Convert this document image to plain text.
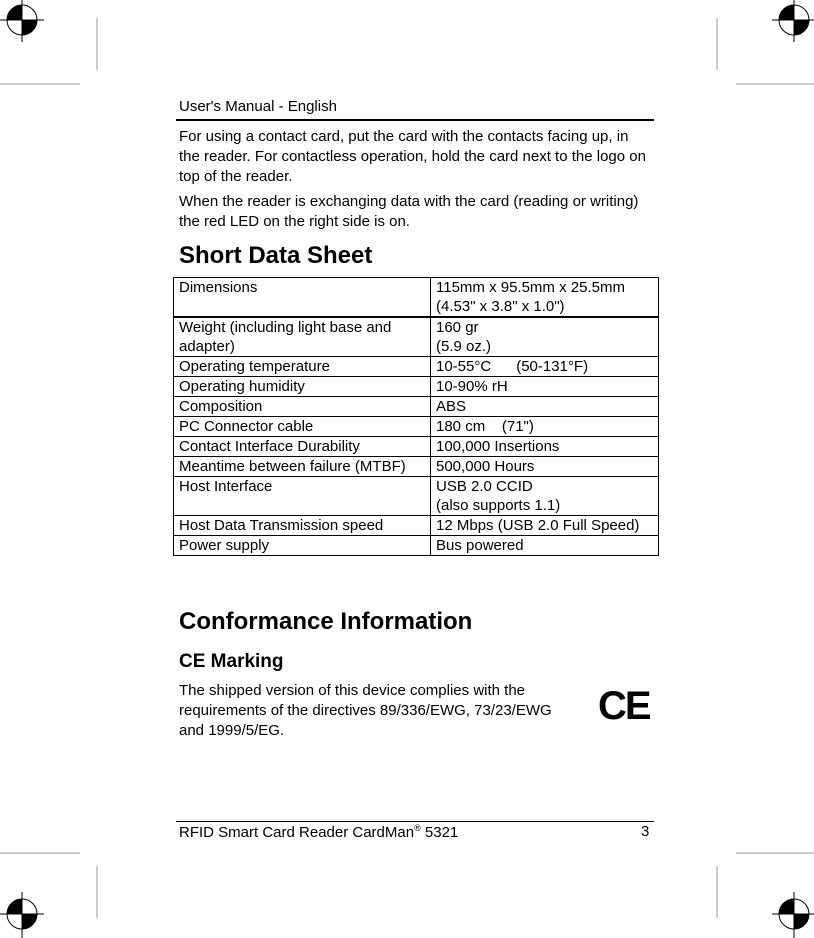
User's Manual - English
For using a contact card, put the card with the contacts facing up, in the reader. For contactless operation, hold the card next to the logo on top of the reader.
When the reader is exchanging data with the card (reading or writing) the red LED on the right side is on.
Short Data Sheet
Dimensions	115mm x 95.5mm x 25.5mm
(4.53" x 3.8" x 1.0")

Weight (including light base and adapter)	160 gr
(5.9 oz.)

Operating temperature	10-55°C      (50-131°F)

Operating humidity	10-90% rH

Composition	ABS

PC Connector cable	180 cm    (71")

Contact Interface Durability	100,000 Insertions

Meantime between failure (MTBF)	500,000 Hours

Host Interface	USB 2.0 CCID
(also supports 1.1)

Host Data Transmission speed	12 Mbps (USB 2.0 Full Speed)

Power supply	Bus powered
Conformance Information
CE Marking
The shipped version of this device complies with the requirements of the directives 89/336/EWG, 73/23/EWG and 1999/5/EG.
CE
RFID Smart Card Reader CardMan® 5321	3
